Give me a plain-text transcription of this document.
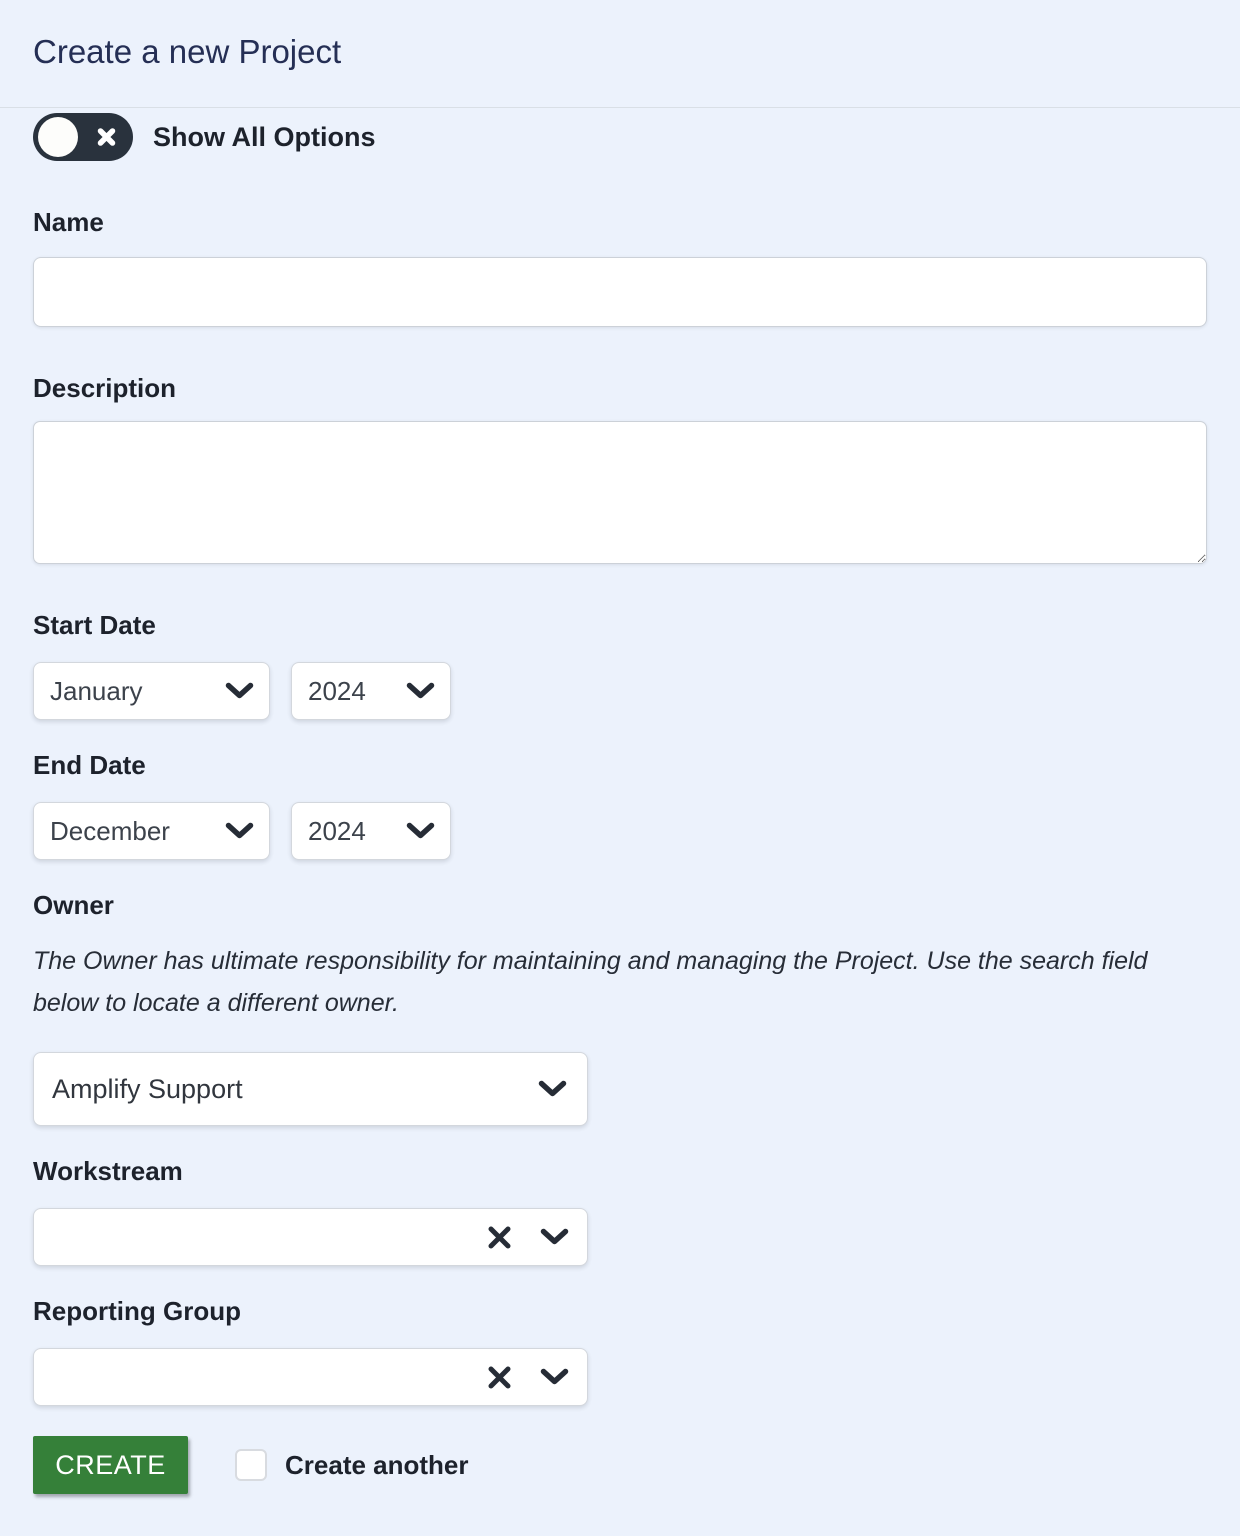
Create a new Project
Show All Options
Name
Description
Start Date
January	2024
End Date
December	2024
Owner

The Owner has ultimate responsibility for maintaining and managing the Project. Use the search field below to locate a different owner.

Amplify Support
Workstream
Reporting Group
CREATE	Create another
